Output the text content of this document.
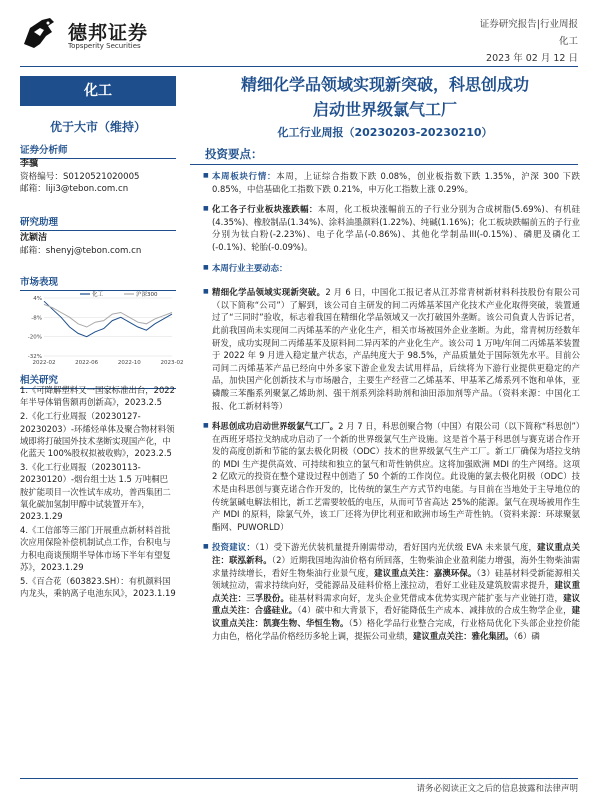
德邦证券
Topsperity Securities
证券研究报告|行业周报
化工
2023 年 02 月 12 日
化工
优于大市（维持）
证券分析师
李骥
资格编号：S0120521020005
邮箱：liji3@tebon.com.cn
研究助理
沈颖洁
邮箱：shenyj@tebon.com.cn
市场表现
4%
-8%
-20%
-32%
2022-02	2022-06	2022-10	2023-02
化工	沪深300
相关研究

1.《可降解塑料又一国家标准出台，2022 年半导体销售额再创新高》，2023.2.5

2.《化工行业周报（20230127-20230203）-环烯烃单体及聚合物材料领域即将打破国外技术垄断实现国产化，中化蓝天 100%股权拟被收购》，2023.2.5

3.《化工行业周报（20230113-20230120）-烟台组士达 1.5 万吨桐巴胺扩能项目一次性试车成功，普西集团二氧化碳加氢制甲醇中试装置开车》，2023.1.29

4.《工信部等三部门开展重点新材料首批次应用保险补偿机制试点工作，台积电与力积电商谈预期半导体市场下半年有望复苏》，2023.1.29

5.《百合花（603823.SH）：有机颜料国内龙头，乘钠离子电池东风》，2023.1.19

精细化学品领域实现新突破，科思创成功
启动世界级氯气工厂
化工行业周报（20230203-20230210）
投资要点：
■ 本周板块行情：本周，上证综合指数下跌 0.08%，创业板指数下跌 1.35%，沪深 300 下跌 0.85%，中信基础化工指数下跌 0.21%，申万化工指数上涨 0.29%。
■ 化工各子行业板块涨跌幅：本周，化工板块涨幅前五的子行业分别为合成树脂(5.69%)、有机硅(4.35%)、橡胶制品(1.34%)、涂料油墨颜料(1.22%)、纯碱(1.16%)；化工板块跌幅前五的子行业分别为钛白粉(-2.23%)、电子化学品(-0.86%)、其他化学制品III(-0.15%)、磷肥及磷化工(-0.1%)、轮胎(-0.09%)。
■ 本周行业主要动态：
■ 精细化学品领域实现新突破。2 月 6 日，中国化工报记者从江苏常青树新材料科技股份有限公司（以下简称“公司”）了解到，该公司自主研发的间二丙烯基苯国产化技术产业化取得突破，装置通过了“三同时”验收，标志着我国在精细化学品领域又一次打破国外垄断。该公司負責人告诉记者，此前我国尚未实现间二丙烯基苯的产业化生产，相关市场被国外企业垄断。为此，常青树历经数年研发，成功实现间二丙烯基苯及原料间二异丙苯的产业化生产。该公司 1 万吨/年间二丙烯基苯装置于 2022 年 9 月进入稳定量产状态，产品纯度大于 98.5%，产品质量处于国际领先水平。目前公司间二丙烯基苯产品已经向中外多家下游企业发去试用样品，后续将为下游行业提供更稳定的产品，加快国产化创新技术与市场融合，主要生产经营二乙烯基苯、甲基苯乙烯系列不饱和单体，亚磷酸三苯酯系列聚氯乙烯助剂、强干剂系列涂料助剂和油田添加剂等产品。（资料来源：中国化工报、化工新材料等）
■ 科思创成功启动世界级氯气工厂。2 月 7 日，科思创聚合物（中国）有限公司（以下简称“科思创”）在西班牙塔拉戈纳成功启动了一个新的世界级氯气生产设施。这是首个基于科思创与赛克诺合作开发的高度创新和节能的氯去极化阴极（ODC）技术的世界级氯气生产工厂。新工厂确保为塔拉戈纳的 MDI 生产提供高效、可持续和独立的氯气和苛性钠供应。这将加强欧洲 MDI 的生产网络。这项 2 亿欧元的投资在整个建设过程中创造了 50 个新的工作岗位。此设施的氯去极化阴极（ODC）技术是由科思创与赛克诺合作开发的，比传统的氯生产方式节约电能。与目前在当地处于主导地位的传统氯碱电解法相比，新工艺需要较低的电压，从而可节省高达 25%的能源。氯气在现场被用作生产 MDI 的原料，除氯气外，该工厂还将为伊比利亚和欧洲市场生产苛性钠。（资料来源：环球聚氨酯网、PUWORLD）
■ 投资建议：（1）受下游光伏装机量提升刚需带动，看好国内光伏级 EVA 未来景气度，建议重点关注：联泓新科。（2）近期我国地沟油价格有所回落，生物柴油企业盈利能力增强，海外生物柴油需求量持续增长，看好生物柴油行业景气度，建议重点关注：嘉澳环保。（3）硅基材料受新能源相关领域拉动，需求持续向好，受能源品及硅料价格上涨拉动，看好工业硅及建筑胶需求提升，建议重点关注：三孚股份。硅基材料需求向好，龙头企业凭借成本优势实现产能扩张与产业链打造，建议重点关注：合盛硅业。（4）碳中和大背景下，看好能降低生产成本、减排放的合成生物学企业，建议重点关注：凯赛生物、华恒生物。（5）格化学品行业整合完成，行业格局优化下头部企业控价能力由色，格化学品价格经历多轮上调，提振公司业绩，建议重点关注：雅化集团。（6）磷
请务必阅读正文之后的信息披露和法律声明
